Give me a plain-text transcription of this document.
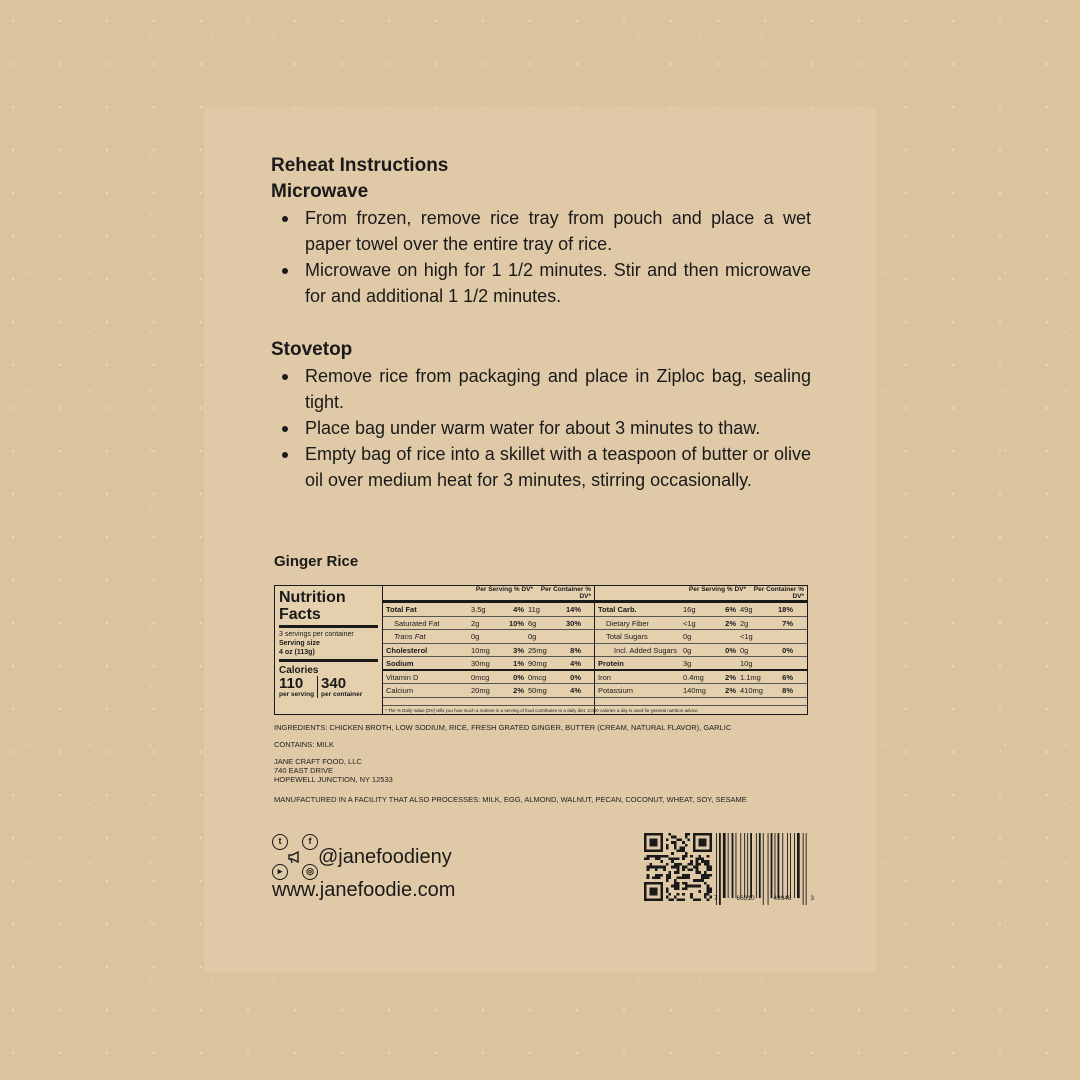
Reheat Instructions
Microwave
From frozen, remove rice tray from pouch and place a wet paper towel over the entire tray of rice.
Microwave on high for 1 1/2 minutes. Stir and then microwave for and additional 1 1/2 minutes.
Stovetop
Remove rice from packaging and place in Ziploc bag, sealing tight.
Place bag under warm water for about 3 minutes to thaw.
Empty bag of rice into a skillet with a teaspoon of butter or olive oil over medium heat for 3 minutes, stirring occasionally.
Ginger Rice
Nutrition
Facts
3 servings per container
Serving size
4 oz (113g)
Calories
110
per serving
340
per container
Per Serving % DV*	Per Container % DV*
Total Fat	3.5g	4% 11g	14%
Saturated Fat	2g	10% 6g	30%
Trans Fat	0g	0g
Cholesterol	10mg	3% 25mg	8%
Sodium	30mg	1% 90mg	4%
Vitamin D	0mcg	0% 0mcg	0%
Calcium	20mg	2% 50mg	4%
* The % Daily Value (DV) tells you how much a nutrient in a serving of food contributes to a daily diet. 2,000 calories a day is used for general nutrition advice.
Per Serving % DV*	Per Container % DV*
Total Carb.	16g	6% 49g	18%
Dietary Fiber	<1g	2% 2g	7%
Total Sugars	0g	<1g
Incl. Added Sugars 0g	0% 0g	0%
Protein	3g	10g
Iron	0.4mg	2% 1.1mg	6%
Potassium	140mg	2% 410mg	8%
INGREDIENTS: CHICKEN BROTH, LOW SODIUM, RICE, FRESH GRATED GINGER, BUTTER (CREAM, NATURAL FLAVOR), GARLIC
CONTAINS: MILK
JANE CRAFT FOOD, LLC
740 EAST DRIVE
HOPEWELL JUNCTION, NY 12533
MANUFACTURED IN A FACILITY THAT ALSO PROCESSES: MILK, EGG, ALMOND, WALNUT, PECAN, COCONUT, WHEAT, SOY, SESAME
t	f
▸	◎
@janefoodieny
www.janefoodie.com	7	66310	49948	3
